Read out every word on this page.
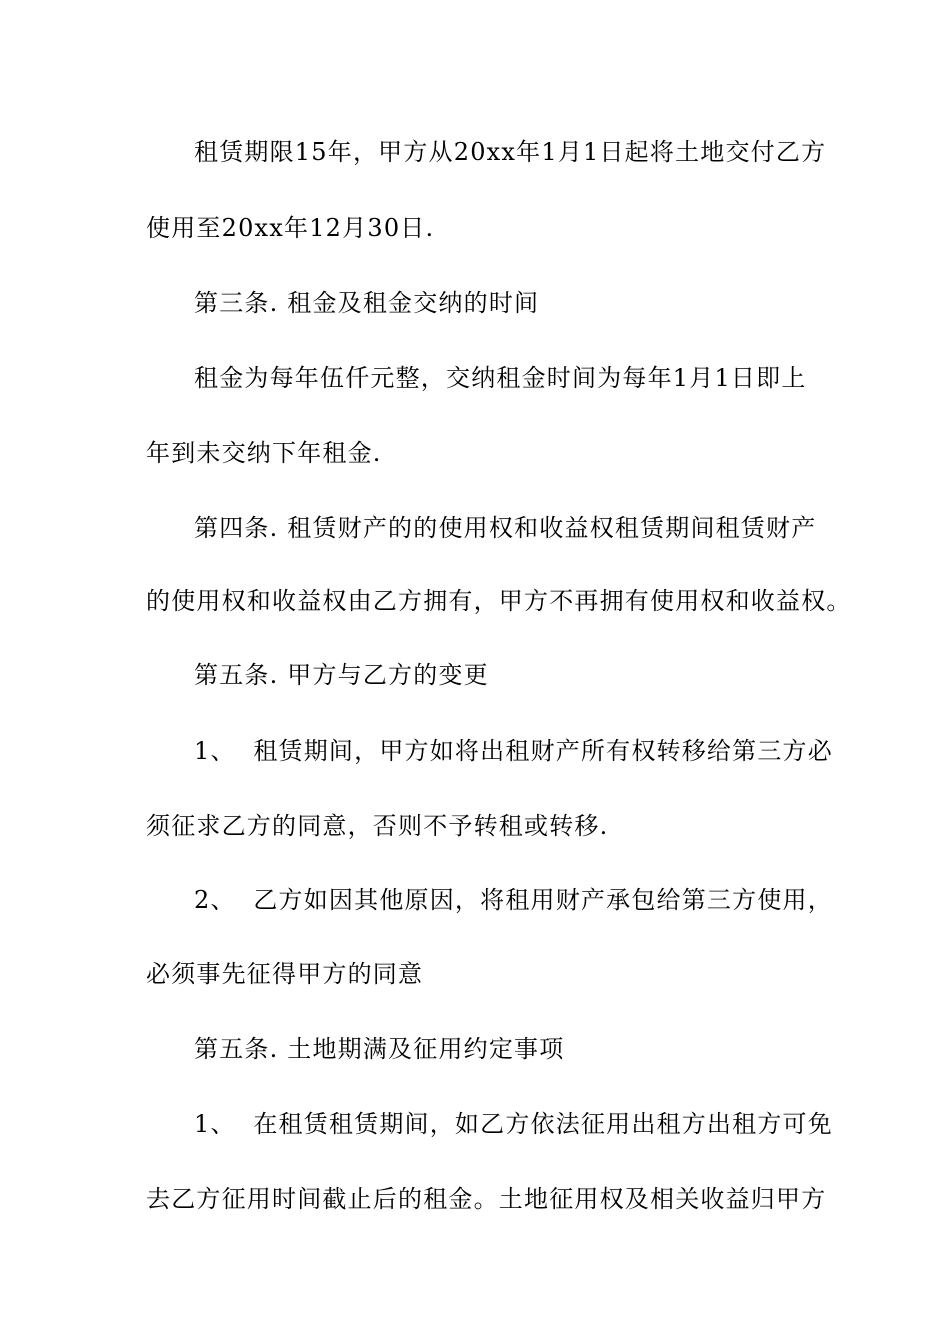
租赁期限15年，甲方从20xx年1月1日起将土地交付乙方
使用至20xx年12月30日.
第三条. 租金及租金交纳的时间
租金为每年伍仟元整，交纳租金时间为每年1月1日即上
年到未交纳下年租金.
第四条. 租赁财产的的使用权和收益权租赁期间租赁财产
的使用权和收益权由乙方拥有，甲方不再拥有使用权和收益权。
第五条. 甲方与乙方的变更
1、  租赁期间，甲方如将出租财产所有权转移给第三方必
须征求乙方的同意，否则不予转租或转移.
2、  乙方如因其他原因，将租用财产承包给第三方使用，
必须事先征得甲方的同意
第五条. 土地期满及征用约定事项
1、  在租赁租赁期间，如乙方依法征用出租方出租方可免
去乙方征用时间截止后的租金。土地征用权及相关收益归甲方
